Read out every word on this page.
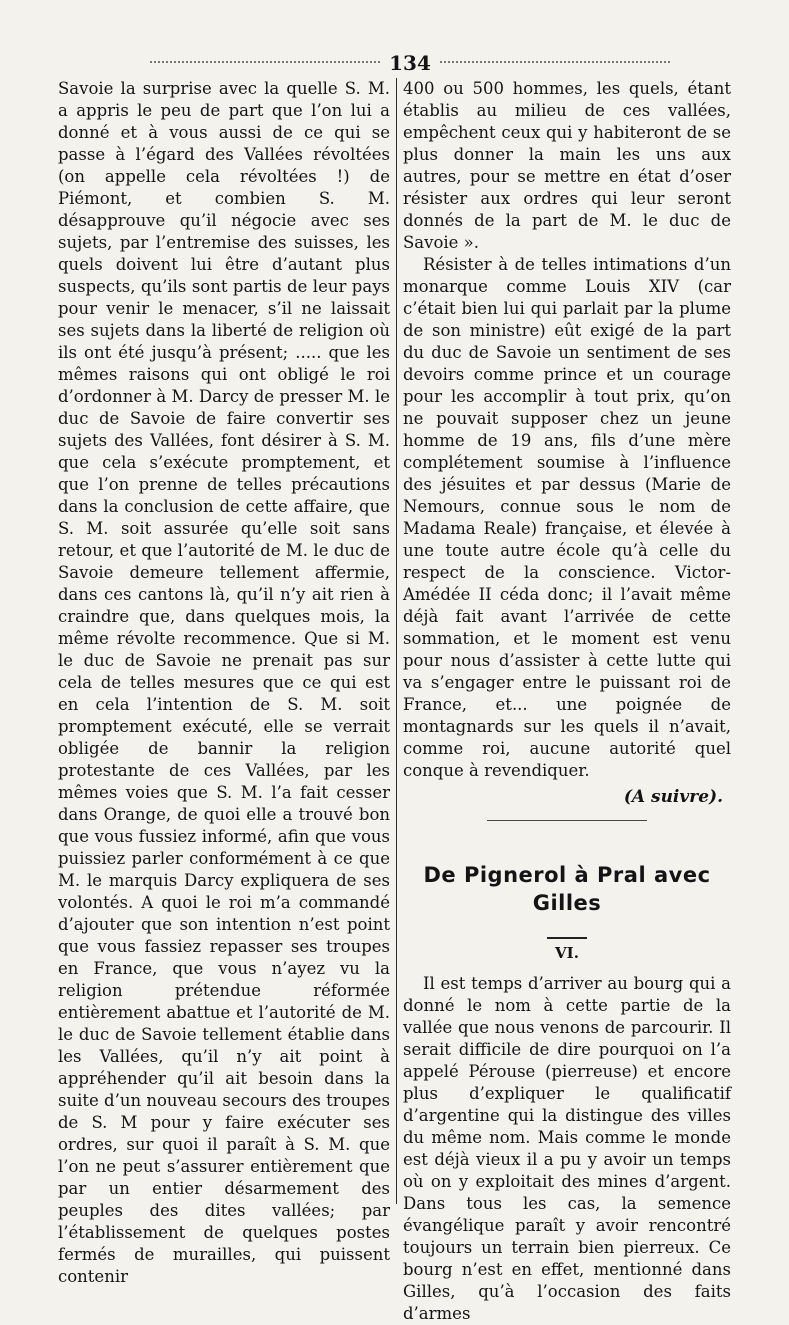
134

Savoie la surprise avec la quelle S. M. a appris le peu de part que l’on lui a donné et à vous aussi de ce qui se passe à l’égard des Vallées révoltées (on appelle cela révoltées !) de Piémont, et combien S. M. désapprouve qu’il négocie avec ses sujets, par l’entremise des suisses, les quels doivent lui être d’autant plus suspects, qu’ils sont partis de leur pays pour venir le menacer, s’il ne laissait ses sujets dans la liberté de religion où ils ont été jusqu’à présent; ..... que les mêmes raisons qui ont obligé le roi d’ordonner à M. Darcy de presser M. le duc de Savoie de faire convertir ses sujets des Vallées, font désirer à S. M. que cela s’exécute promptement, et que l’on prenne de telles précautions dans la conclusion de cette affaire, que S. M. soit assurée qu’elle soit sans retour, et que l’autorité de M. le duc de Savoie demeure tellement affermie, dans ces cantons là, qu’il n’y ait rien à craindre que, dans quelques mois, la même révolte recommence. Que si M. le duc de Savoie ne prenait pas sur cela de telles mesures que ce qui est en cela l’intention de S. M. soit promptement exécuté, elle se verrait obligée de bannir la religion protestante de ces Vallées, par les mêmes voies que S. M. l’a fait cesser dans Orange, de quoi elle a trouvé bon que vous fussiez informé, afin que vous puissiez parler conformément à ce que M. le marquis Darcy expliquera de ses volontés. A quoi le roi m’a commandé d’ajouter que son intention n’est point que vous fassiez repasser ses troupes en France, que vous n’ayez vu la religion prétendue réformée entièrement abattue et l’autorité de M. le duc de Savoie tellement établie dans les Vallées, qu’il n’y ait point à appréhender qu’il ait besoin dans la suite d’un nouveau secours des troupes de S. M pour y faire exécuter ses ordres, sur quoi il paraît à S. M. que l’on ne peut s’assurer entièrement que par un entier désarmement des peuples des dites vallées; par l’établissement de quelques postes fermés de murailles, qui puissent contenir

400 ou 500 hommes, les quels, étant établis au milieu de ces vallées, empêchent ceux qui y habiteront de se plus donner la main les uns aux autres, pour se mettre en état d’oser résister aux ordres qui leur seront donnés de la part de M. le duc de Savoie ».

Résister à de telles intimations d’un monarque comme Louis XIV (car c’était bien lui qui parlait par la plume de son ministre) eût exigé de la part du duc de Savoie un sentiment de ses devoirs comme prince et un courage pour les accomplir à tout prix, qu’on ne pouvait supposer chez un jeune homme de 19 ans, fils d’une mère complétement soumise à l’influence des jésuites et par dessus (Marie de Nemours, connue sous le nom de Madama Reale) française, et élevée à une toute autre école qu’à celle du respect de la conscience. Victor-Amédée II céda donc; il l’avait même déjà fait avant l’arrivée de cette sommation, et le moment est venu pour nous d’assister à cette lutte qui va s’engager entre le puissant roi de France, et... une poignée de montagnards sur les quels il n’avait, comme roi, aucune autorité quel conque à revendiquer.

(A suivre).

De Pignerol à Pral avec Gilles
VI.

Il est temps d’arriver au bourg qui a donné le nom à cette partie de la vallée que nous venons de parcourir. Il serait difficile de dire pourquoi on l’a appelé Pérouse (pierreuse) et encore plus d’expliquer le qualificatif d’argentine qui la distingue des villes du même nom. Mais comme le monde est déjà vieux il a pu y avoir un temps où on y exploitait des mines d’argent. Dans tous les cas, la semence évangélique paraît y avoir rencontré toujours un terrain bien pierreux. Ce bourg n’est en effet, mentionné dans Gilles, qu’à l’occasion des faits d’armes
